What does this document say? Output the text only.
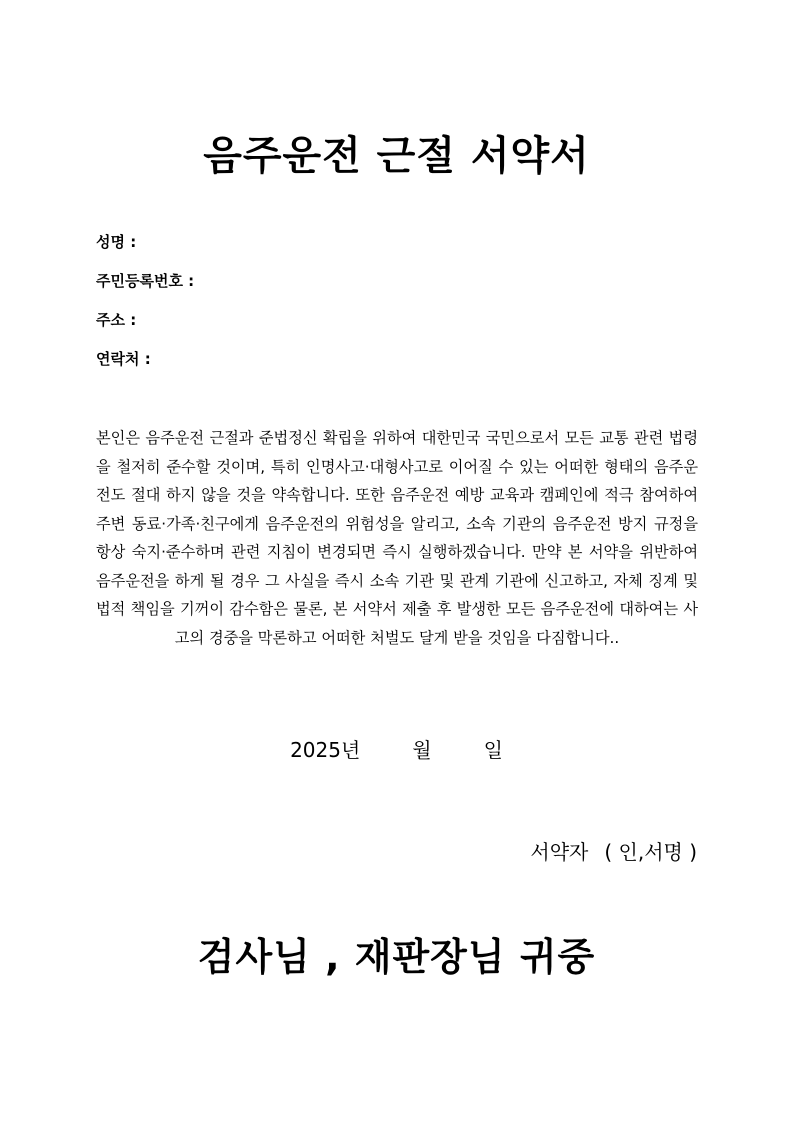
음주운전 근절 서약서
성명 :
주민등록번호 :
주소 :
연락처 :

본인은 음주운전 근절과 준법정신 확립을 위하여 대한민국 국민으로서 모든 교통 관련 법령을 철저히 준수할 것이며, 특히 인명사고·대형사고로 이어질 수 있는 어떠한 형태의 음주운전도 절대 하지 않을 것을 약속합니다. 또한 음주운전 예방 교육과 캠페인에 적극 참여하여 주변 동료·가족·친구에게 음주운전의 위험성을 알리고, 소속 기관의 음주운전 방지 규정을 항상 숙지·준수하며 관련 지침이 변경되면 즉시 실행하겠습니다. 만약 본 서약을 위반하여 음주운전을 하게 될 경우 그 사실을 즉시 소속 기관 및 관계 기관에 신고하고, 자체 징계 및 법적 책임을 기꺼이 감수함은 물론, 본 서약서 제출 후 발생한 모든 음주운전에 대하여는 사고의 경중을 막론하고 어떠한 처벌도 달게 받을 것임을 다짐합니다..

2025년	월	일
서약자 ( 인,서명 )
검사님 , 재판장님 귀중
